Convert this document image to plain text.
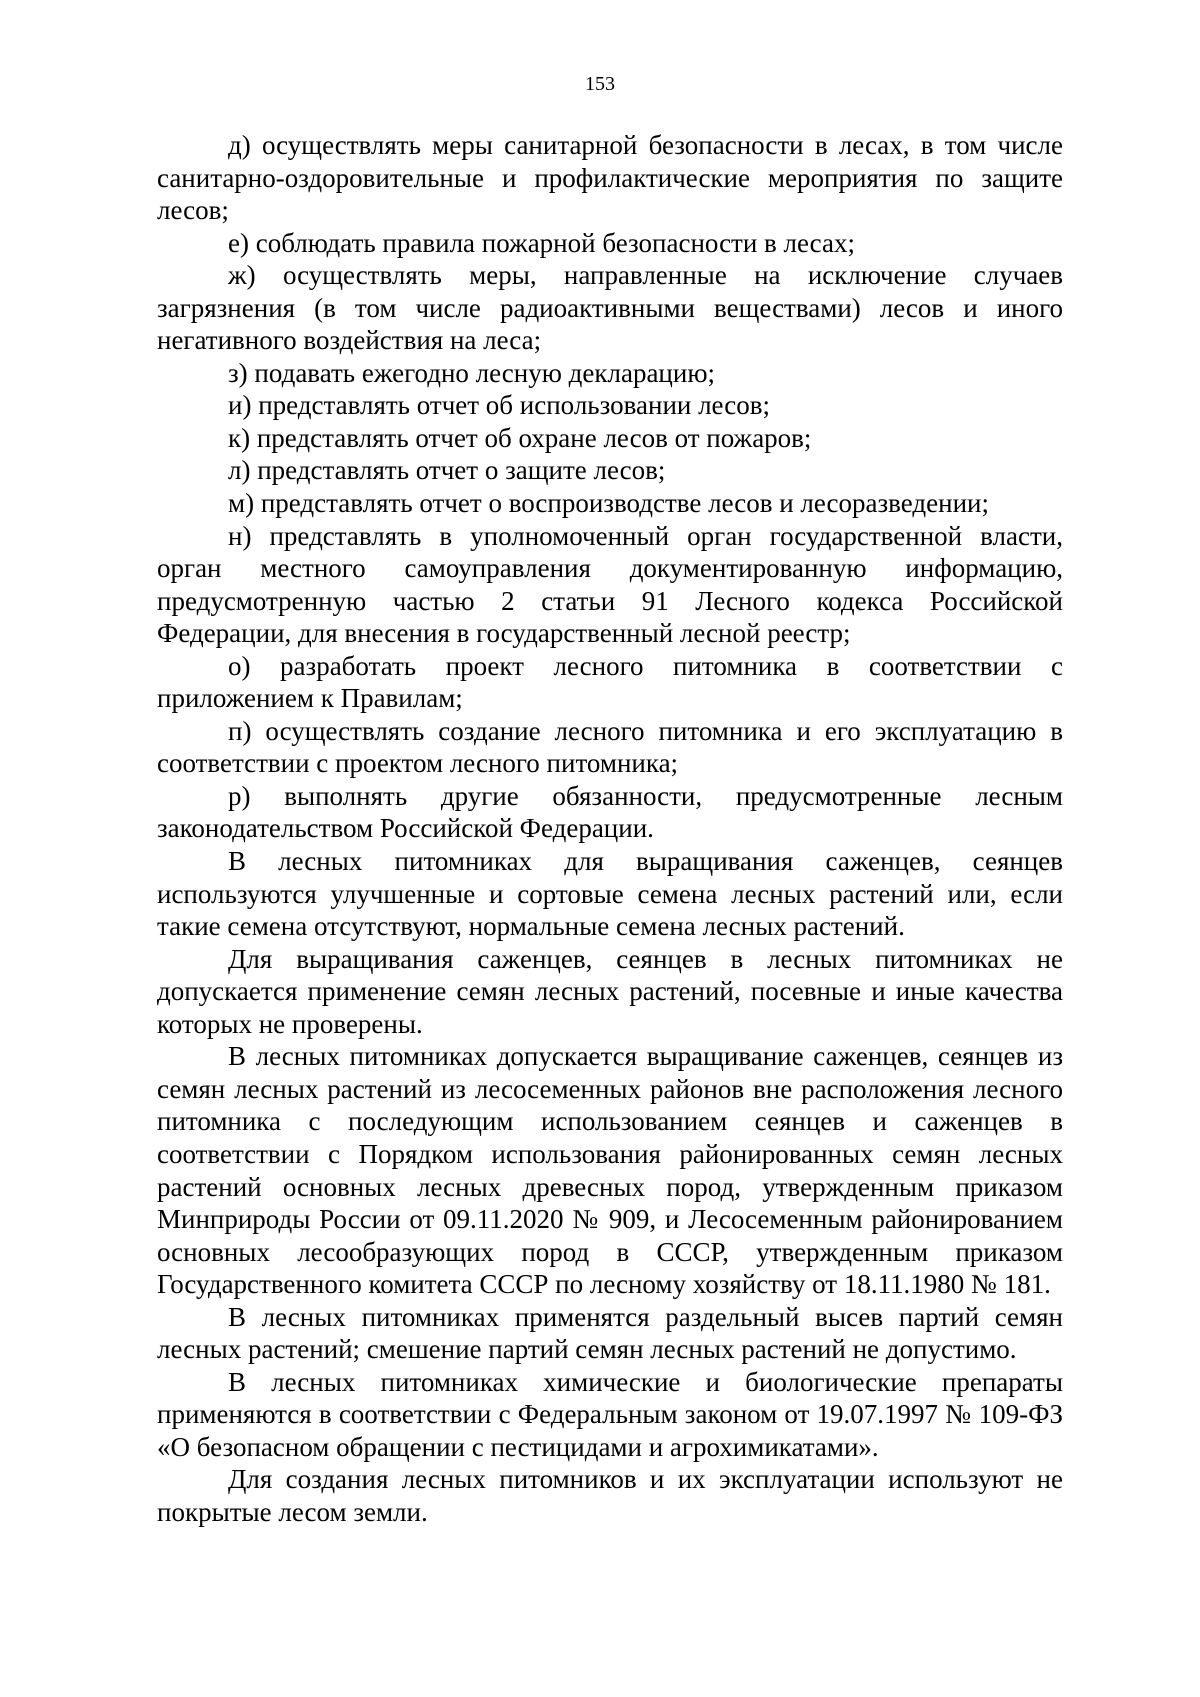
153

д) осуществлять меры санитарной безопасности в лесах, в том числе санитарно-оздоровительные и профилактические мероприятия по защите лесов;

е) соблюдать правила пожарной безопасности в лесах;

ж) осуществлять меры, направленные на исключение случаев загрязнения (в том числе радиоактивными веществами) лесов и иного негативного воздействия на леса;

з) подавать ежегодно лесную декларацию;

и) представлять отчет об использовании лесов;

к) представлять отчет об охране лесов от пожаров;

л) представлять отчет о защите лесов;

м) представлять отчет о воспроизводстве лесов и лесоразведении;

н) представлять в уполномоченный орган государственной власти, орган местного самоуправления документированную информацию, предусмотренную частью 2 статьи 91 Лесного кодекса Российской Федерации, для внесения в государственный лесной реестр;

о) разработать проект лесного питомника в соответствии с приложением к Правилам;

п) осуществлять создание лесного питомника и его эксплуатацию в соответствии с проектом лесного питомника;

р) выполнять другие обязанности, предусмотренные лесным законодательством Российской Федерации.

В лесных питомниках для выращивания саженцев, сеянцев используются улучшенные и сортовые семена лесных растений или, если такие семена отсутствуют, нормальные семена лесных растений.

Для выращивания саженцев, сеянцев в лесных питомниках не допускается применение семян лесных растений, посевные и иные качества которых не проверены.

В лесных питомниках допускается выращивание саженцев, сеянцев из семян лесных растений из лесосеменных районов вне расположения лесного питомника с последующим использованием сеянцев и саженцев в соответствии с Порядком использования районированных семян лесных растений основных лесных древесных пород, утвержденным приказом Минприроды России от 09.11.2020 № 909, и Лесосеменным районированием основных лесообразующих пород в СССР, утвержденным приказом Государственного комитета СССР по лесному хозяйству от 18.11.1980 № 181.

В лесных питомниках применятся раздельный высев партий семян лесных растений; смешение партий семян лесных растений не допустимо.

В лесных питомниках химические и биологические препараты применяются в соответствии с Федеральным законом от 19.07.1997 № 109-ФЗ «О безопасном обращении с пестицидами и агрохимикатами».

Для создания лесных питомников и их эксплуатации используют не покрытые лесом земли.
